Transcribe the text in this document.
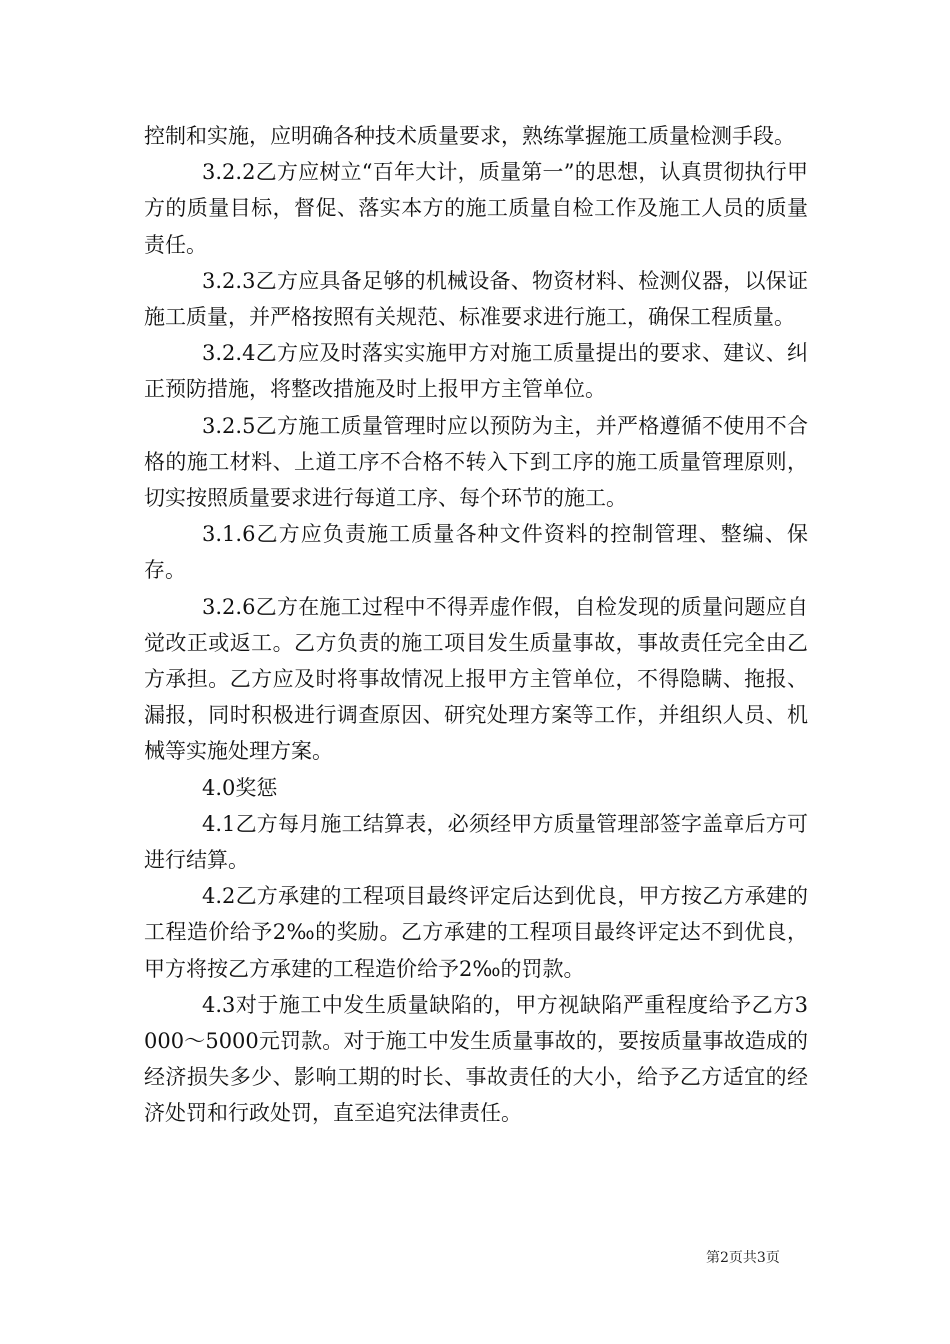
控制和实施，应明确各种技术质量要求，熟练掌握施工质量检测手段。

3.2.2乙方应树立“百年大计，质量第一”的思想，认真贯彻执行甲方的质量目标，督促、落实本方的施工质量自检工作及施工人员的质量责任。

3.2.3乙方应具备足够的机械设备、物资材料、检测仪器，以保证施工质量，并严格按照有关规范、标准要求进行施工，确保工程质量。

3.2.4乙方应及时落实实施甲方对施工质量提出的要求、建议、纠正预防措施，将整改措施及时上报甲方主管单位。

3.2.5乙方施工质量管理时应以预防为主，并严格遵循不使用不合格的施工材料、上道工序不合格不转入下到工序的施工质量管理原则，切实按照质量要求进行每道工序、每个环节的施工。

3.1.6乙方应负责施工质量各种文件资料的控制管理、整编、保存。

3.2.6乙方在施工过程中不得弄虚作假，自检发现的质量问题应自觉改正或返工。乙方负责的施工项目发生质量事故，事故责任完全由乙方承担。乙方应及时将事故情况上报甲方主管单位，不得隐瞒、拖报、漏报，同时积极进行调查原因、研究处理方案等工作，并组织人员、机械等实施处理方案。

4.0奖惩

4.1乙方每月施工结算表，必须经甲方质量管理部签字盖章后方可进行结算。

4.2乙方承建的工程项目最终评定后达到优良，甲方按乙方承建的工程造价给予2‰的奖励。乙方承建的工程项目最终评定达不到优良，甲方将按乙方承建的工程造价给予2‰的罚款。

4.3对于施工中发生质量缺陷的，甲方视缺陷严重程度给予乙方3000～5000元罚款。对于施工中发生质量事故的，要按质量事故造成的经济损失多少、影响工期的时长、事故责任的大小，给予乙方适宜的经济处罚和行政处罚，直至追究法律责任。

第2页共3页
